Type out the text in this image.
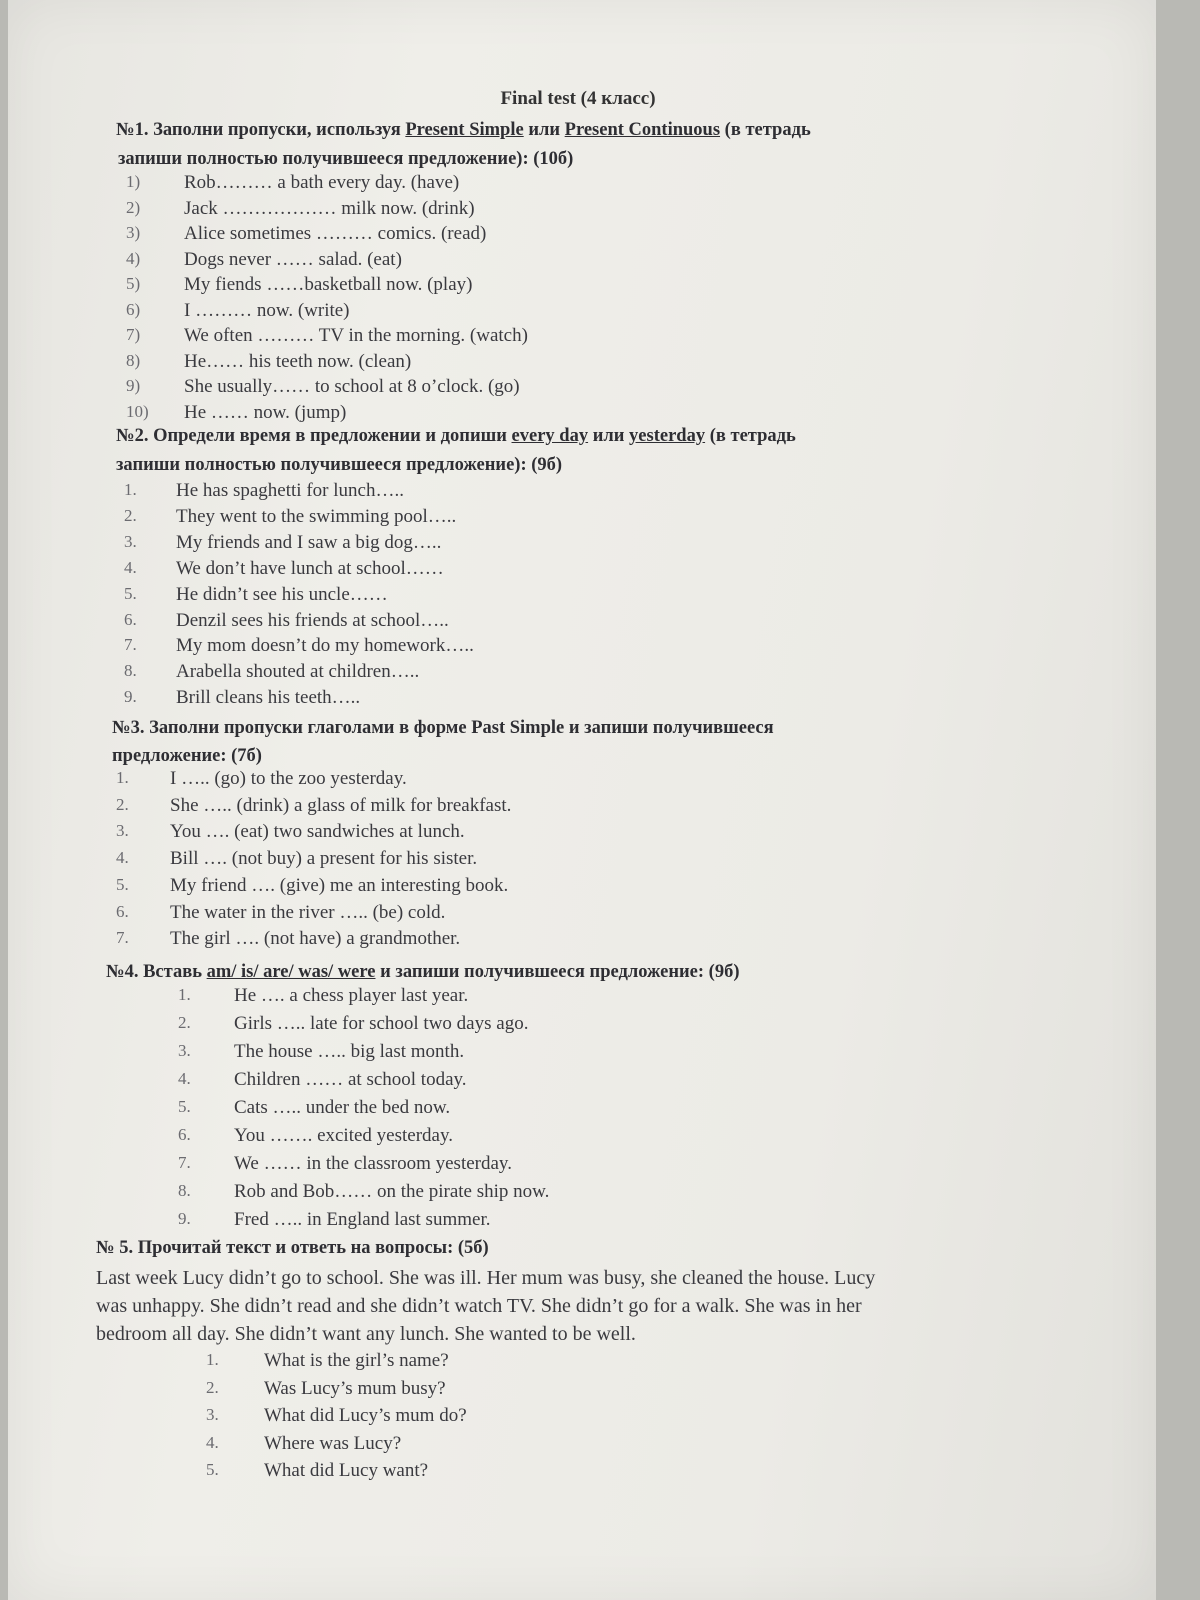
Final test (4 класс)
№1. Заполни пропуски, используя Present Simple или Present Continuous (в тетрадь
запиши полностью получившееся предложение): (10б)
1) Rob……… a bath every day. (have)
2) Jack ……………… milk now. (drink)
3) Alice sometimes ……… comics. (read)
4) Dogs never …… salad. (eat)
5) My fiends ……basketball now. (play)
6) I ……… now. (write)
7) We often ……… TV in the morning. (watch)
8) He…… his teeth now. (clean)
9) She usually…… to school at 8 o’clock. (go)
10) He …… now. (jump)
№2. Определи время в предложении и допиши every day или yesterday (в тетрадь
запиши полностью получившееся предложение): (9б)
1. He has spaghetti for lunch…..
2. They went to the swimming pool…..
3. My friends and I saw a big dog…..
4. We don’t have lunch at school……
5. He didn’t see his uncle……
6. Denzil sees his friends at school…..
7. My mom doesn’t do my homework…..
8. Arabella shouted at children…..
9. Brill cleans his teeth…..
№3. Заполни пропуски глаголами в форме Past Simple и запиши получившееся
предложение: (7б)
1. I ….. (go) to the zoo yesterday.
2. She ….. (drink) a glass of milk for breakfast.
3. You …. (eat) two sandwiches at lunch.
4. Bill …. (not buy) a present for his sister.
5. My friend …. (give) me an interesting book.
6. The water in the river ….. (be) cold.
7. The girl …. (not have) a grandmother.
№4. Вставь am/ is/ are/ was/ were и запиши получившееся предложение: (9б)
1. He …. a chess player last year.
2. Girls ….. late for school two days ago.
3. The house ….. big last month.
4. Children …… at school today.
5. Cats ….. under the bed now.
6. You ……. excited yesterday.
7. We …… in the classroom yesterday.
8. Rob and Bob…… on the pirate ship now.
9. Fred ….. in England last summer.
№ 5. Прочитай текст и ответь на вопросы: (5б)
Last week Lucy didn’t go to school. She was ill. Her mum was busy, she cleaned the house. Lucy
was unhappy. She didn’t read and she didn’t watch TV. She didn’t go for a walk. She was in her
bedroom all day. She didn’t want any lunch. She wanted to be well.
1. What is the girl’s name?
2. Was Lucy’s mum busy?
3. What did Lucy’s mum do?
4. Where was Lucy?
5. What did Lucy want?
